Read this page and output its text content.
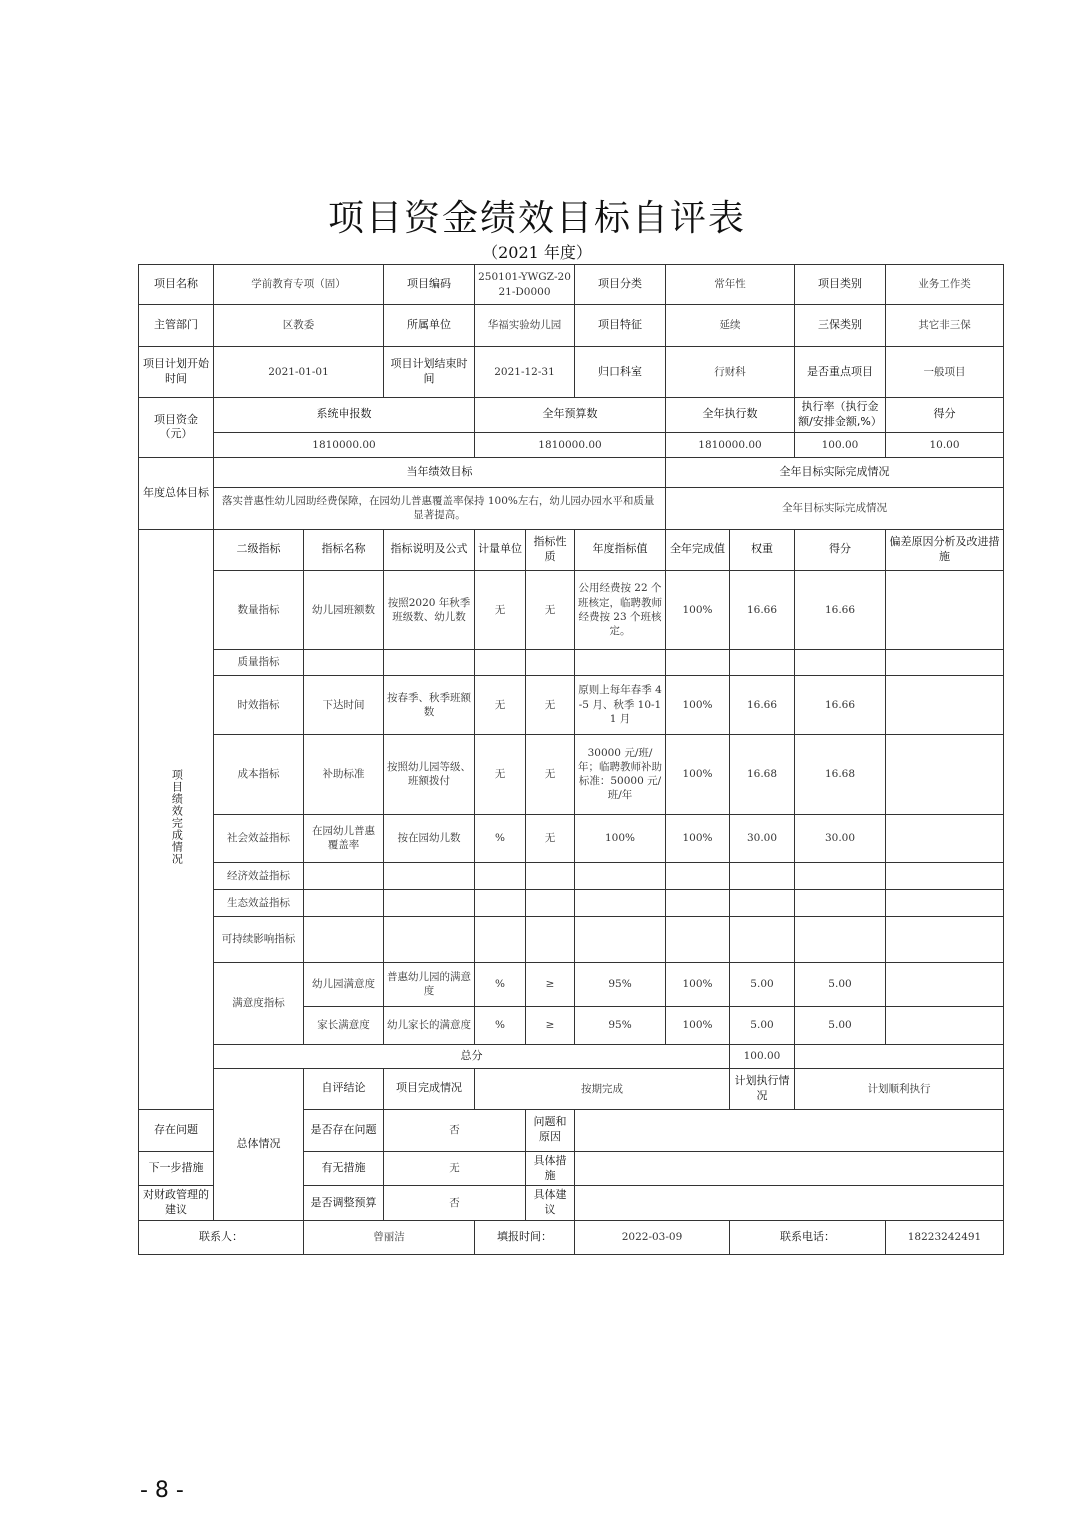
项目资金绩效目标自评表
（2021 年度）
项目名称	学前教育专项（固）		项目编码	250101-YWGZ-2021-D0000		项目分类	常年性		项目类别	业务工作类
主管部门	区教委		所属单位	华福实验幼儿园		项目特征	延续		三保类别	其它非三保
项目计划开始时间	2021-01-01		项目计划结束时间	2021-12-31		归口科室	行财科		是否重点项目	一般项目
项目资金（元）	系统申报数			全年预算数			全年执行数		执行率（执行金额/安排金额,%）	得分
	1810000.00			1810000.00			1810000.00		100.00	10.00
年度总体目标	当年绩效目标						全年目标实际完成情况			
	落实普惠性幼儿园助经费保障，在园幼儿普惠覆盖率保持 100%左右，幼儿园办园水平和质量显著提高。						全年目标实际完成情况			
项目绩效完成情况	二级指标	指标名称	指标说明及公式	计量单位	指标性质	年度指标值	全年完成值	权重	得分	偏差原因分析及改进措施
	数量指标	幼儿园班额数	按照2020 年秋季班级数、幼儿数	无	无	公用经费按 22 个班核定，临聘教师经费按 23 个班核定。	100%	16.66	16.66	
	质量指标									
	时效指标	下达时间	按春季、秋季班额数	无	无	原则上每年春季 4-5 月、秋季 10-11 月	100%	16.66	16.66	
	成本指标	补助标准	按照幼儿园等级、班额拨付	无	无	30000 元/班/年；临聘教师补助标准：50000 元/班/年	100%	16.68	16.68	
	社会效益指标	在园幼儿普惠覆盖率	按在园幼儿数	%	无	100%	100%	30.00	30.00	
	经济效益指标									
	生态效益指标									
	可持续影响指标									
	满意度指标	幼儿园满意度	普惠幼儿园的满意度	%	≥	95%	100%	5.00	5.00	
		家长满意度	幼儿家长的满意度	%	≥	95%	100%	5.00	5.00	
	总分							100.00		
	总体情况	自评结论	项目完成情况	按期完成				计划执行情况	计划顺利执行	
存在问题		是否存在问题	否		问题和原因					
下一步措施		有无措施	无		具体措施					
对财政管理的建议		是否调整预算	否		具体建议					
联系人：		曾丽洁		填报时间：		2022-03-09		联系电话：		18223242491
- 8 -
